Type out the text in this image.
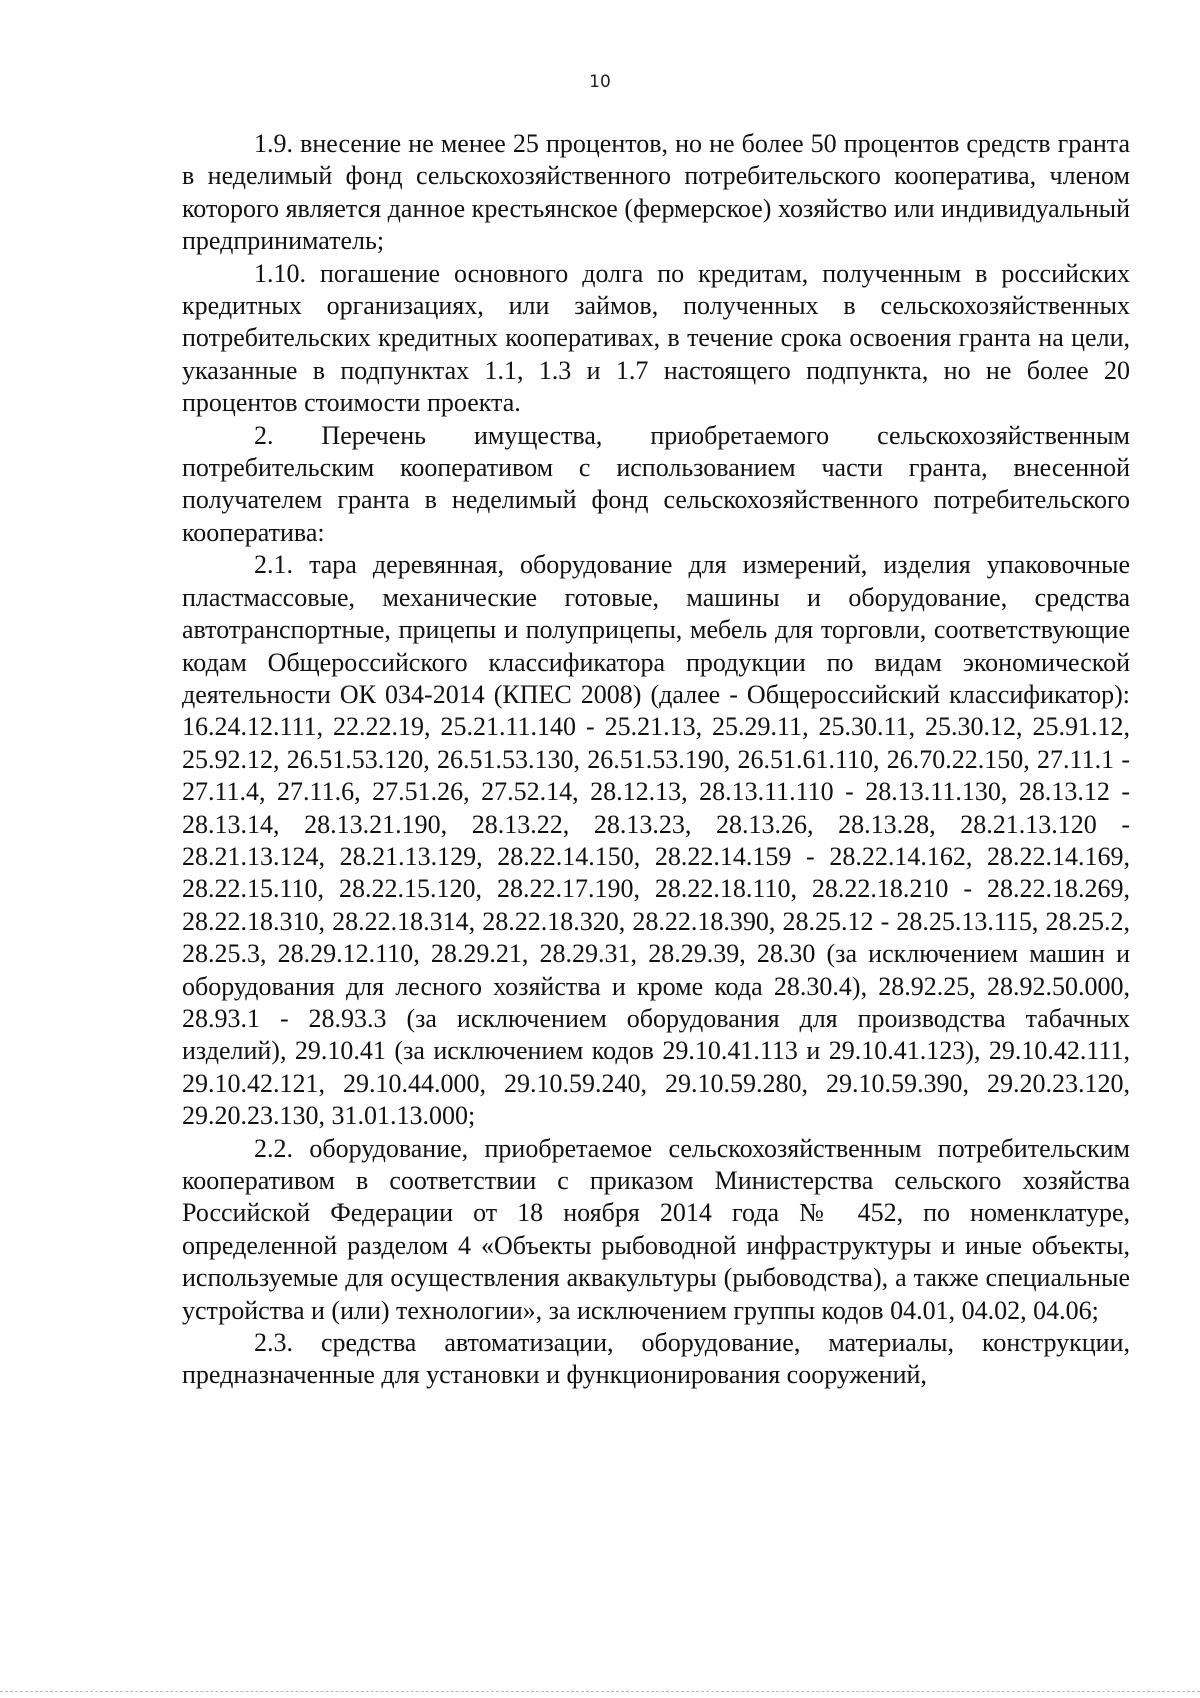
10

1.9. внесение не менее 25 процентов, но не более 50 процентов средств гранта в неделимый фонд сельскохозяйственного потребительского кооператива, членом которого является данное крестьянское (фермерское) хозяйство или индивидуальный предприниматель;

1.10. погашение основного долга по кредитам, полученным в российских кредитных организациях, или займов, полученных в сельскохозяйственных потребительских кредитных кооперативах, в течение срока освоения гранта на цели, указанные в подпунктах 1.1, 1.3 и 1.7 настоящего подпункта, но не более 20 процентов стоимости проекта.

2. Перечень имущества, приобретаемого сельскохозяйственным потребительским кооперативом с использованием части гранта, внесенной получателем гранта в неделимый фонд сельскохозяйственного потребительского кооператива:

2.1. тара деревянная, оборудование для измерений, изделия упаковочные пластмассовые, механические готовые, машины и оборудование, средства автотранспортные, прицепы и полуприцепы, мебель для торговли, соответствующие кодам Общероссийского классификатора продукции по видам экономической деятельности ОК 034-2014 (КПЕС 2008) (далее - Общероссийский классификатор): 16.24.12.111, 22.22.19, 25.21.11.140 - 25.21.13, 25.29.11, 25.30.11, 25.30.12, 25.91.12, 25.92.12, 26.51.53.120, 26.51.53.130, 26.51.53.190, 26.51.61.110, 26.70.22.150, 27.11.1 - 27.11.4, 27.11.6, 27.51.26, 27.52.14, 28.12.13, 28.13.11.110 - 28.13.11.130, 28.13.12 - 28.13.14, 28.13.21.190, 28.13.22, 28.13.23, 28.13.26, 28.13.28, 28.21.13.120 - 28.21.13.124, 28.21.13.129, 28.22.14.150, 28.22.14.159 - 28.22.14.162, 28.22.14.169, 28.22.15.110, 28.22.15.120, 28.22.17.190, 28.22.18.110, 28.22.18.210 - 28.22.18.269, 28.22.18.310, 28.22.18.314, 28.22.18.320, 28.22.18.390, 28.25.12 - 28.25.13.115, 28.25.2, 28.25.3, 28.29.12.110, 28.29.21, 28.29.31, 28.29.39, 28.30 (за исключением машин и оборудования для лесного хозяйства и кроме кода 28.30.4), 28.92.25, 28.92.50.000, 28.93.1 - 28.93.3 (за исключением оборудования для производства табачных изделий), 29.10.41 (за исключением кодов 29.10.41.113 и 29.10.41.123), 29.10.42.111, 29.10.42.121, 29.10.44.000, 29.10.59.240, 29.10.59.280, 29.10.59.390, 29.20.23.120, 29.20.23.130, 31.01.13.000;

2.2. оборудование, приобретаемое сельскохозяйственным потребительским кооперативом в соответствии с приказом Министерства сельского хозяйства Российской Федерации от 18 ноября 2014 года № 452, по номенклатуре, определенной разделом 4 «Объекты рыбоводной инфраструктуры и иные объекты, используемые для осуществления аквакультуры (рыбоводства), а также специальные устройства и (или) технологии», за исключением группы кодов 04.01, 04.02, 04.06;

2.3. средства автоматизации, оборудование, материалы, конструкции, предназначенные для установки и функционирования сооружений,
